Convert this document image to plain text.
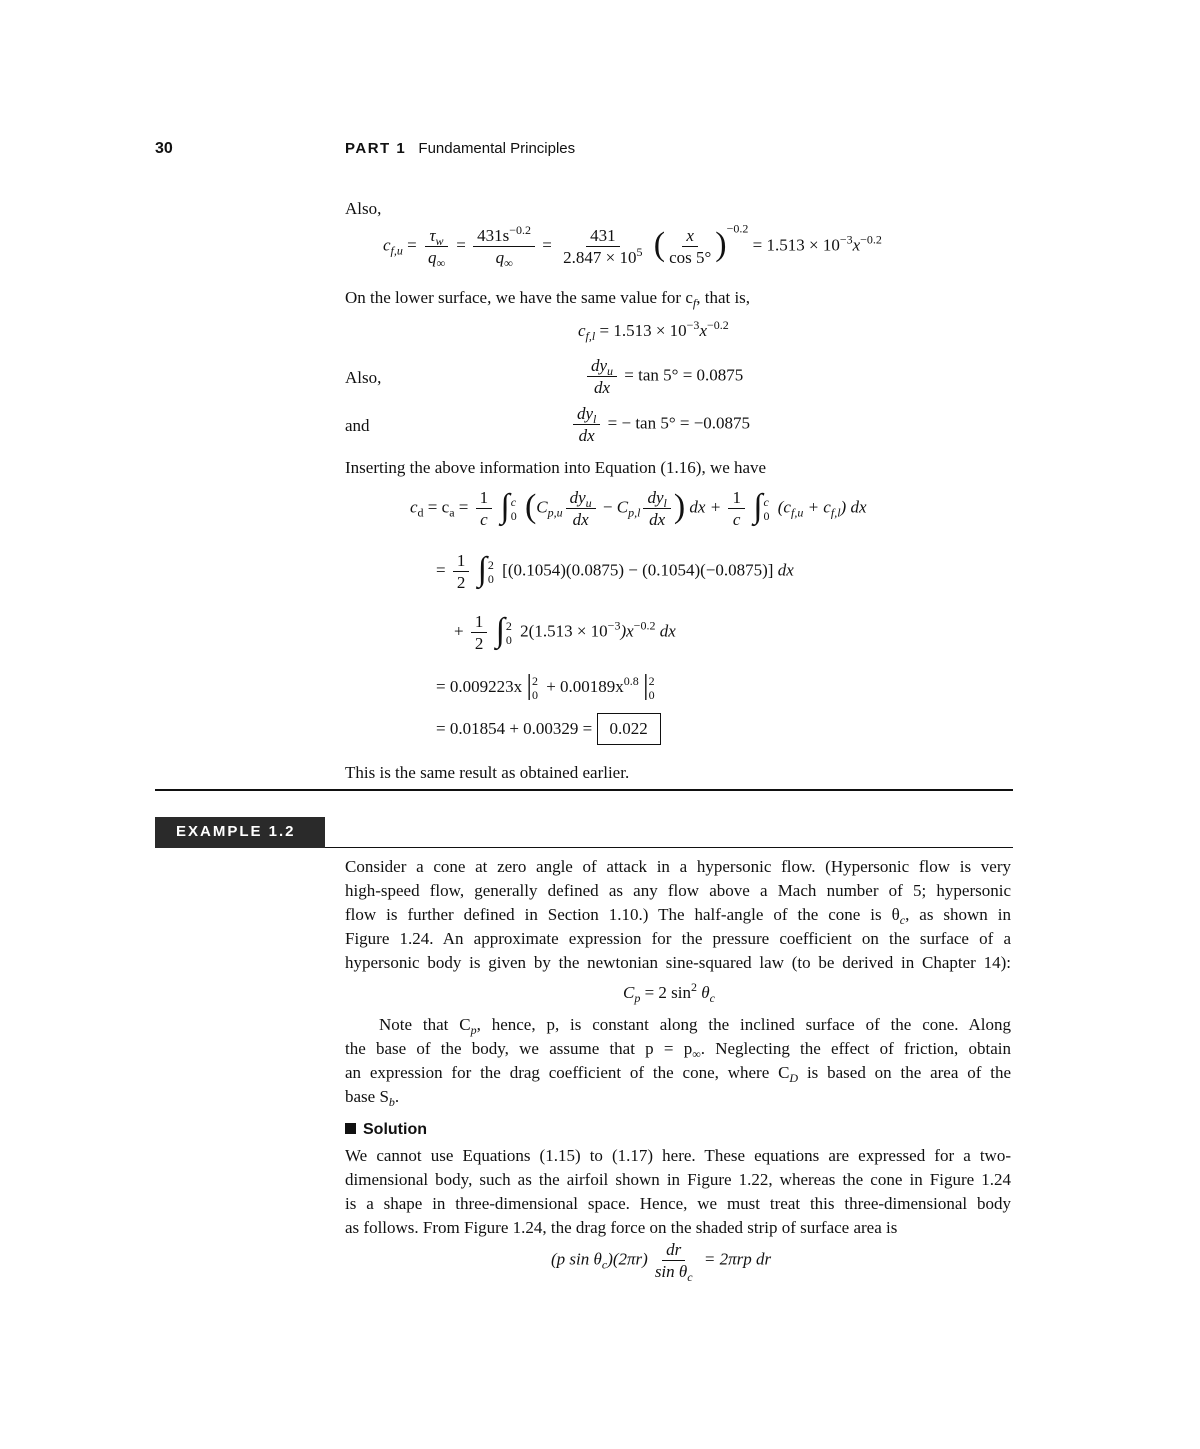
30	PART 1 Fundamental Principles
Also,
$c_{f,u} = \frac{\tau_w}{q_\infty} = \frac{431s^{-0.2}}{q_\infty} = \frac{431}{2.847 \times 10^5}$ ( $\frac{x}{\cos 5^\circ} )^{-0.2} = 1.513 \times 10^{-3}x^{-0.2}$
On the lower surface, we have the same value for $c_f$, that is,
$c_{f,l} = 1.513 \times 10^{-3}x^{-0.2}$
Also,	$\frac{dy_u}{dx} = \tan 5^\circ = 0.0875$
and	$\frac{dy_l}{dx}$ = − tan 5° = −0.0875
Inserting the above information into Equation (1.16), we have
$c_d = c_a = \frac{1}{c}$ ∫ c
0 ($C_{p,u} \frac{dy_u}{dx} - C_{p,l} \frac{dy_l}{dx}$ ) dx + $\frac{1}{c}$ ∫ c
0 $(c_{f,u} + c_{f,l})$ dx
= $\frac{1}{2}$ ∫ 2
0 [(0.1054)(0.0875) − (0.1054)(−0.0875)] dx
+ $\frac{1}{2}$ ∫ 2
0 $2(1.513 \times 10^{-3})x^{-0.2}$ dx
= 0.009223x | 2
$0 + 0.00189x^{0.8}$ | 2
0
= 0.01854 + 0.00329 = 0.022
This is the same result as obtained earlier.
EXAMPLE 1.2
Consider a cone at zero angle of attack in a hypersonic flow. (Hypersonic flow is very
high-speed flow, generally defined as any flow above a Mach number of 5; hypersonic
flow is further defined in Section 1.10.) The half-angle of the cone is $\theta_c$, as shown in
Figure 1.24. An approximate expression for the pressure coefficient on the surface of a
hypersonic body is given by the newtonian sine-squared law (to be derived in Chapter 14):
$C_p = 2$ $\sin^2 \theta_c$
Note that $C_p$, hence, p, is constant along the inclined surface of the cone. Along
the base of the body, we assume that $p = p_\infty$. Neglecting the effect of friction, obtain
an expression for the drag coefficient of the cone, where $C_D$ is based on the area of the
base $S_b$.
Solution
We cannot use Equations (1.15) to (1.17) here. These equations are expressed for a two-
dimensional body, such as the airfoil shown in Figure 1.22, whereas the cone in Figure 1.24
is a shape in three-dimensional space. Hence, we must treat this three-dimensional body
as follows. From Figure 1.24, the drag force on the shaded strip of surface area is
(p $\sin \theta_c)(2\pi r) \frac{dr}{\sin \theta_c} = 2\pi rp$ dr
